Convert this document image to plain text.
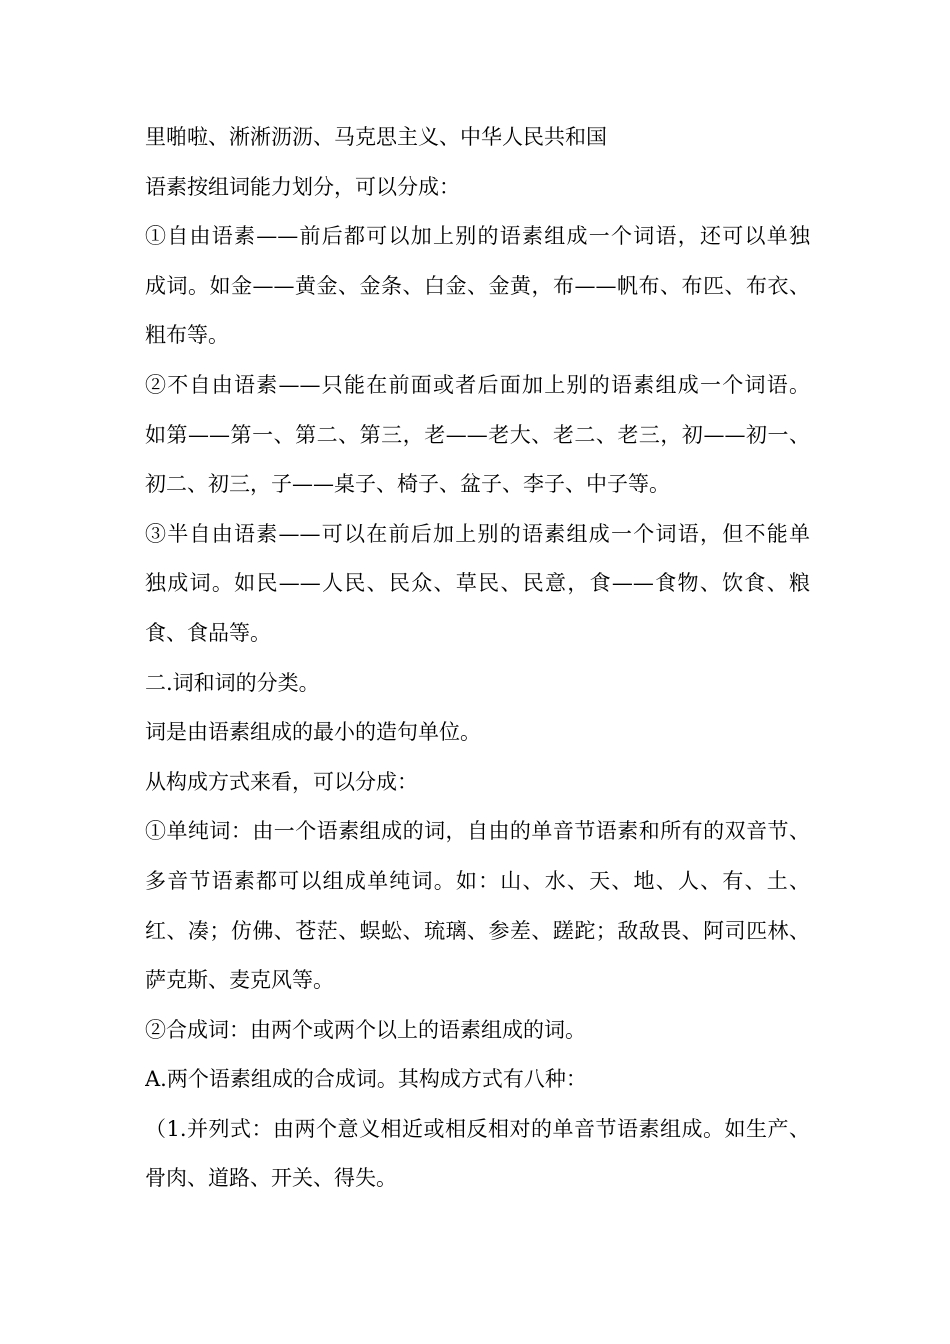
里啪啦、淅淅沥沥、马克思主义、中华人民共和国
语素按组词能力划分，可以分成：
①自由语素——前后都可以加上别的语素组成一个词语，还可以单独
成词。如金——黄金、金条、白金、金黄，布——帆布、布匹、布衣、
粗布等。
②不自由语素——只能在前面或者后面加上别的语素组成一个词语。
如第——第一、第二、第三，老——老大、老二、老三，初——初一、
初二、初三，子——桌子、椅子、盆子、李子、中子等。
③半自由语素——可以在前后加上别的语素组成一个词语，但不能单
独成词。如民——人民、民众、草民、民意，食——食物、饮食、粮
食、食品等。
二.词和词的分类。
词是由语素组成的最小的造句单位。
从构成方式来看，可以分成：
①单纯词：由一个语素组成的词，自由的单音节语素和所有的双音节、
多音节语素都可以组成单纯词。如：山、水、天、地、人、有、土、
红、凑；仿佛、苍茫、蜈蚣、琉璃、参差、蹉跎；敌敌畏、阿司匹林、
萨克斯、麦克风等。
②合成词：由两个或两个以上的语素组成的词。
A.两个语素组成的合成词。其构成方式有八种：
（1.并列式：由两个意义相近或相反相对的单音节语素组成。如生产、
骨肉、道路、开关、得失。
